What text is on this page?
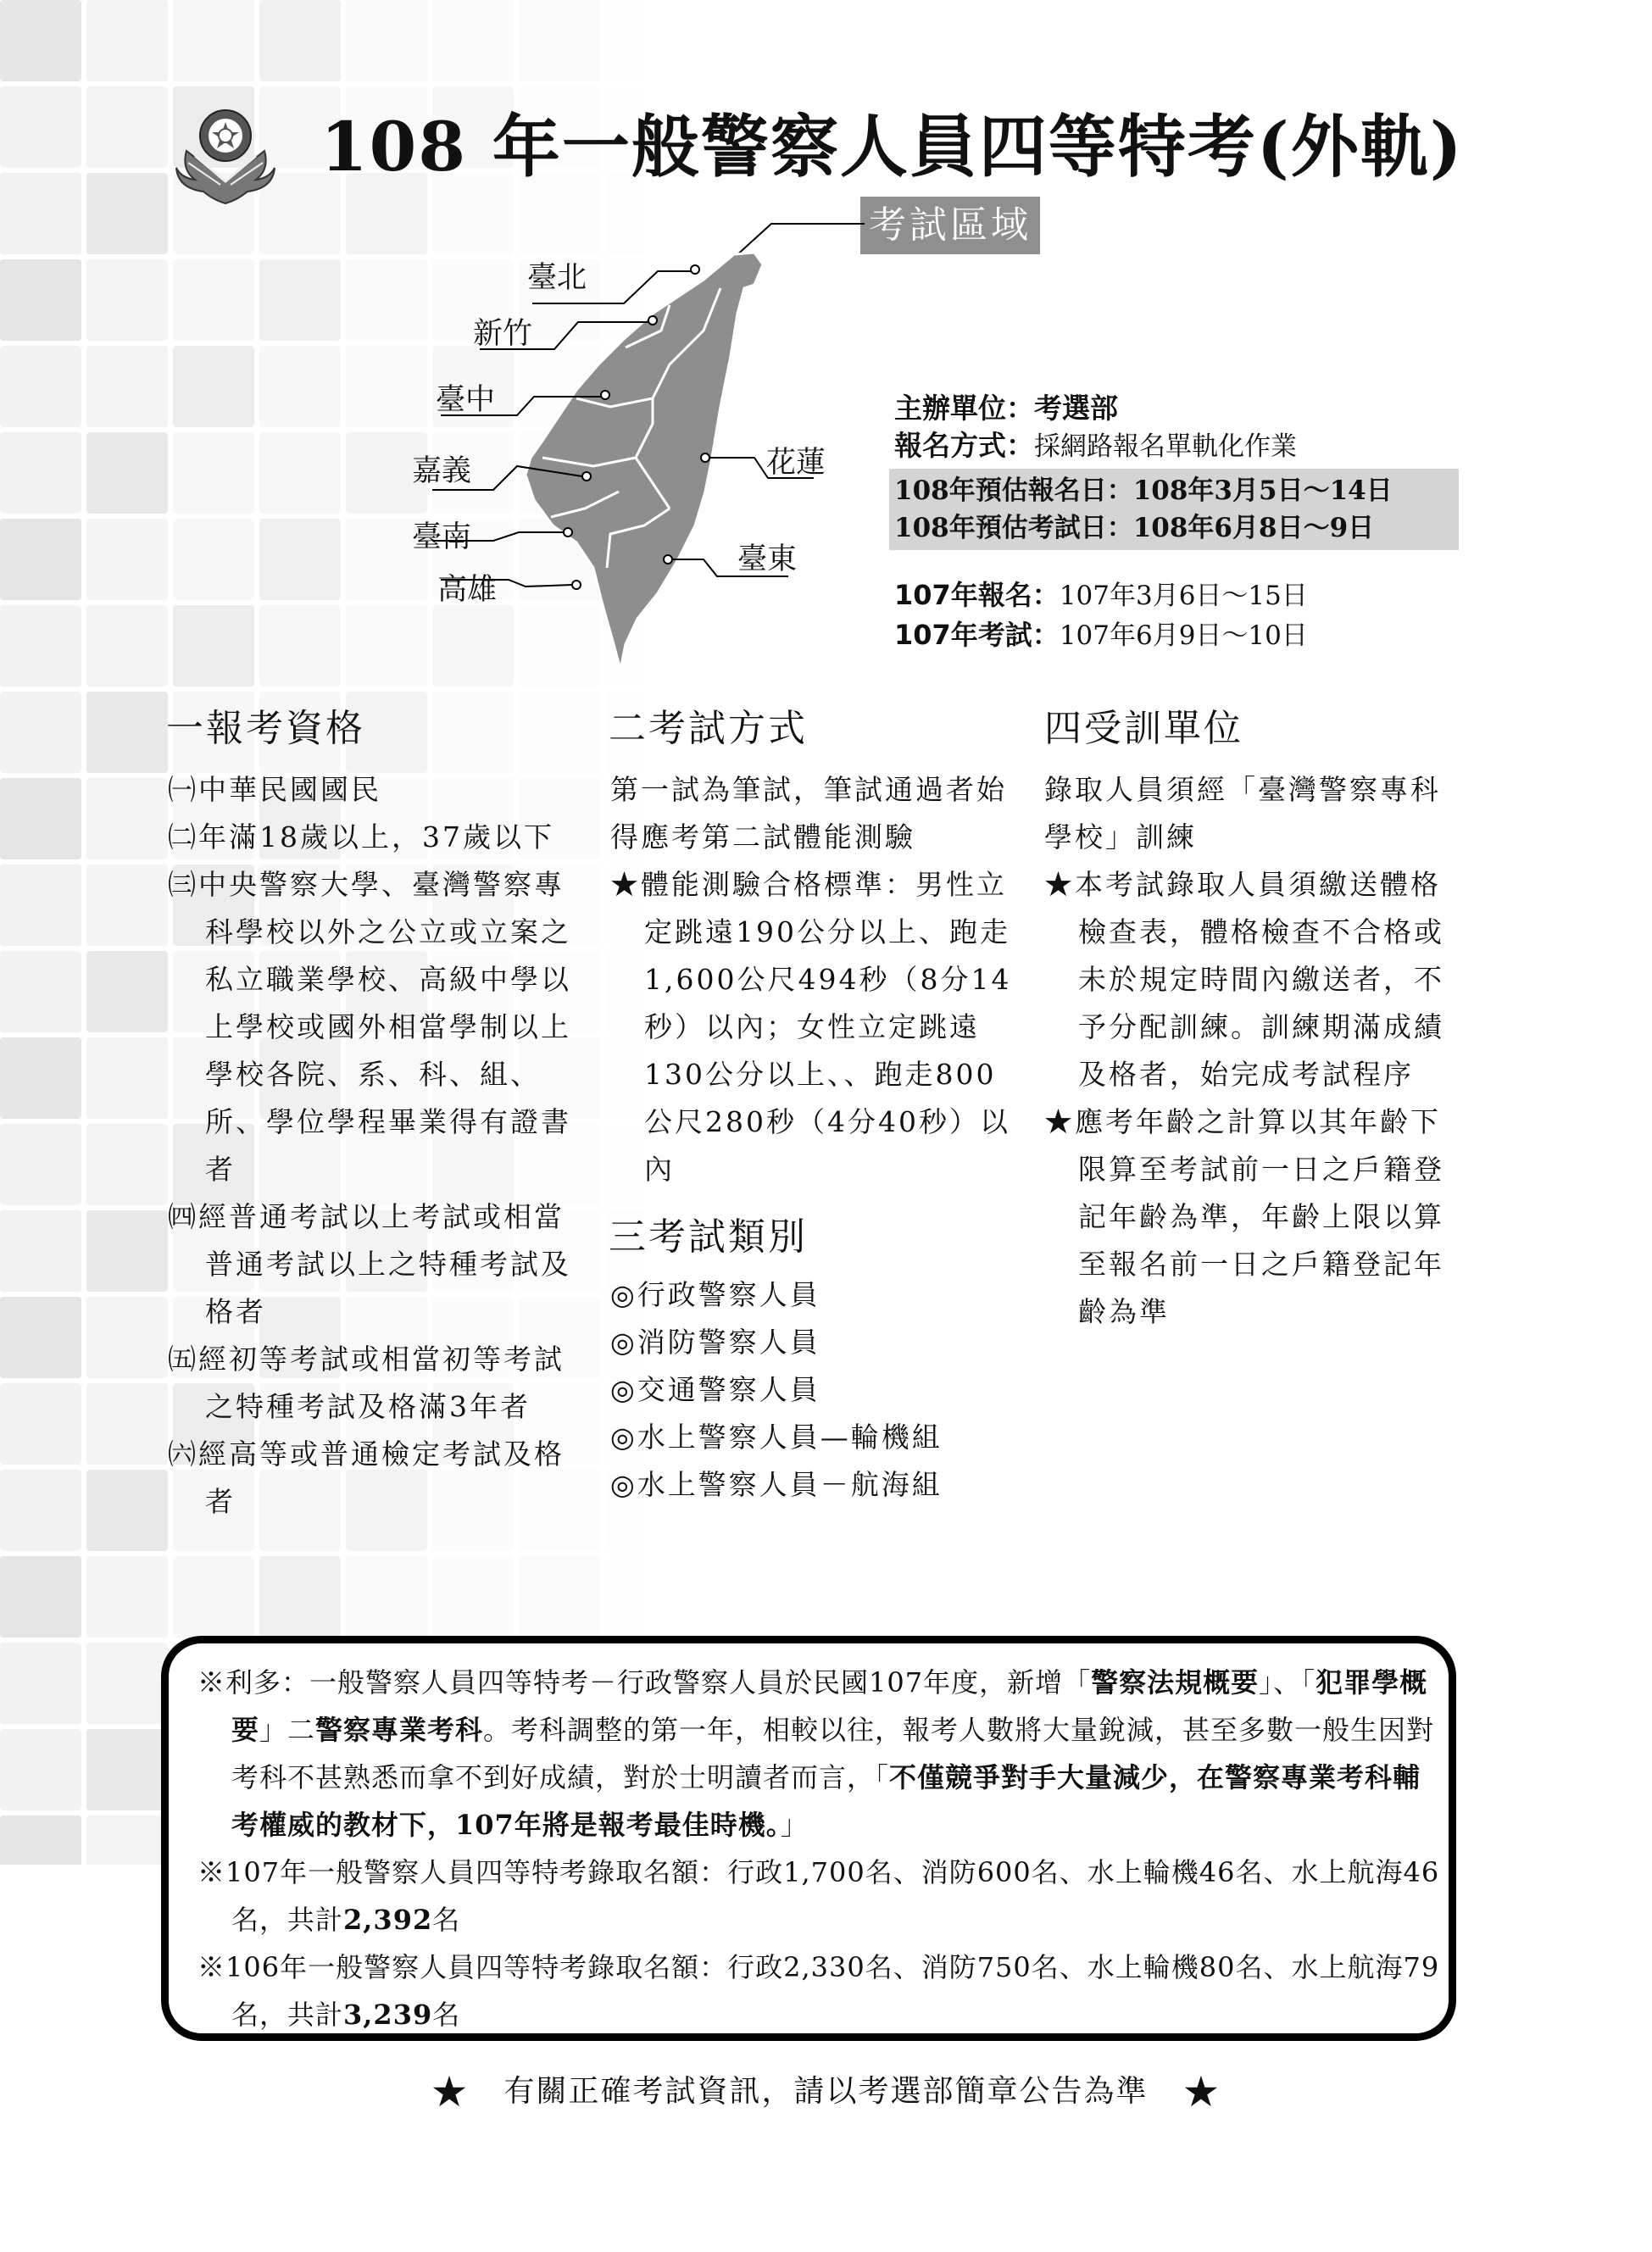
108 年一般警察人員四等特考(外軌)
考試區域
臺北
新竹
臺中
嘉義
臺南
高雄
花蓮
臺東
主辦單位：考選部
報名方式：採網路報名單軌化作業
108年預估報名日：108年3月5日～14日
108年預估考試日：108年6月8日～9日
107年報名：107年3月6日～15日
107年考試：107年6月9日～10日
一報考資格	二考試方式	四受訓單位
三考試類別

㈠中華民國國民

㈡年滿18歲以上，37歲以下

㈢中央警察大學、臺灣警察專科學校以外之公立或立案之私立職業學校、高級中學以上學校或國外相當學制以上學校各院、系、科、組、所、學位學程畢業得有證書者

㈣經普通考試以上考試或相當普通考試以上之特種考試及格者

㈤經初等考試或相當初等考試之特種考試及格滿3年者

㈥經高等或普通檢定考試及格者

第一試為筆試，筆試通過者始得應考第二試體能測驗

★體能測驗合格標準：男性立定跳遠190公分以上、跑走1,600公尺494秒（8分14秒）以內；女性立定跳遠130公分以上、、跑走800公尺280秒（4分40秒）以內

◎行政警察人員

◎消防警察人員

◎交通警察人員

◎水上警察人員—輪機組

◎水上警察人員－航海組

錄取人員須經「臺灣警察專科學校」訓練

★本考試錄取人員須繳送體格檢查表，體格檢查不合格或未於規定時間內繳送者，不予分配訓練。訓練期滿成績及格者，始完成考試程序

★應考年齡之計算以其年齡下限算至考試前一日之戶籍登記年齡為準，年齡上限以算至報名前一日之戶籍登記年齡為準

※利多：一般警察人員四等特考－行政警察人員於民國107年度，新增「警察法規概要」、「犯罪學概要」二警察專業考科。考科調整的第一年，相較以往，報考人數將大量銳減，甚至多數一般生因對考科不甚熟悉而拿不到好成績，對於士明讀者而言，「不僅競爭對手大量減少，在警察專業考科輔考權威的教材下，107年將是報考最佳時機。」

※107年一般警察人員四等特考錄取名額：行政1,700名、消防600名、水上輪機46名、水上航海46名，共計2,392名

※106年一般警察人員四等特考錄取名額：行政2,330名、消防750名、水上輪機80名、水上航海79名，共計3,239名

★ 有關正確考試資訊，請以考選部簡章公告為準 ★
